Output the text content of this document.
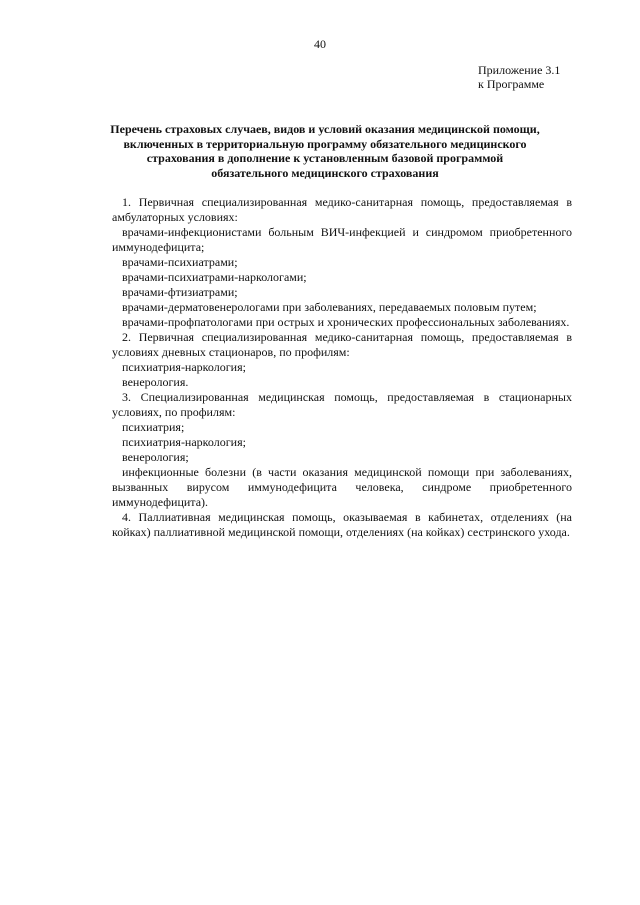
40
Приложение 3.1
к Программе
Перечень страховых случаев, видов и условий оказания медицинской помощи,
включенных в территориальную программу обязательного медицинского
страхования в дополнение к установленным базовой программой
обязательного медицинского страхования

1. Первичная специализированная медико-санитарная помощь, предоставляемая в амбулаторных условиях:

врачами-инфекционистами больным ВИЧ-инфекцией и синдромом приобретенного иммунодефицита;

врачами-психиатрами;

врачами-психиатрами-наркологами;

врачами-фтизиатрами;

врачами-дерматовенерологами при заболеваниях, передаваемых половым путем;

врачами-профпатологами при острых и хронических профессиональных заболеваниях.

2. Первичная специализированная медико-санитарная помощь, предоставляемая в условиях дневных стационаров, по профилям:

психиатрия-наркология;

венерология.

3. Специализированная медицинская помощь, предоставляемая в стационарных условиях, по профилям:

психиатрия;

психиатрия-наркология;

венерология;

инфекционные болезни (в части оказания медицинской помощи при заболеваниях, вызванных вирусом иммунодефицита человека, синдроме приобретенного иммунодефицита).

4. Паллиативная медицинская помощь, оказываемая в кабинетах, отделениях (на койках) паллиативной медицинской помощи, отделениях (на койках) сестринского ухода.
